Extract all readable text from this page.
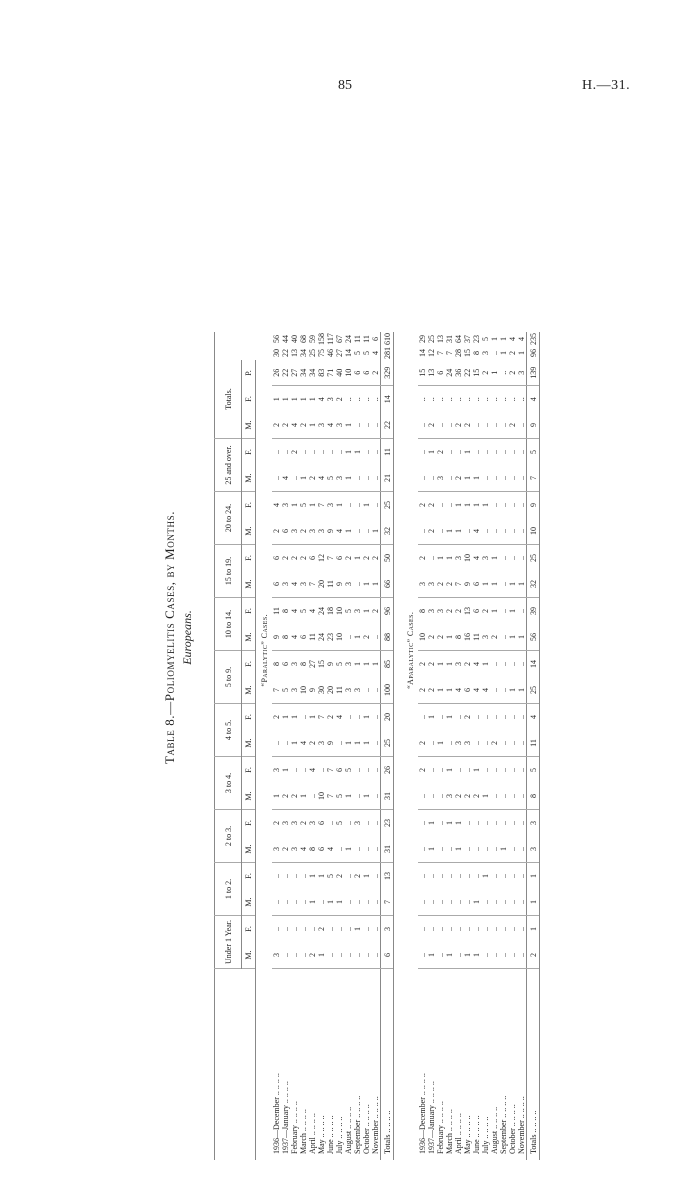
85	H.—31.
Table 8.—Poliomyelitis Cases, by Months. Europeans.
	Under 1 Year.		1 to 2.		2 to 3.		3 to 4.		4 to 5.		5 to 9.		10 to 14.		15 to 19.		20 to 24.		25 and over.		Totals.				
	M.	F.	M.	F.	M.	F.	M.	F.	M.	F.	M.	F.	M.	F.	M.	F.	M.	F.	M.	F.	M.	F.	P.		
	“Paralytic” Cases.																								
1936—December .. .. .. ..	3	..	..	..	3	2	1	3	..	2	7	8	9	11	6	6	2	4	..	..	2	1	26	30	56
1937—January .. .. .. ..	..	..	..	..	2	3	2	1	..	1	5	6	8	8	3	2	6	3	4	..	2	1	22	22	44
February .. .. .. ..	..	..	..	..	3	3	2	..	1	1	3	3	4	4	4	2	3	1	..	2	4	1	27	13	40
March .. .. .. ..	..	..	..	..	4	2	1	..	4	..	10	8	6	5	3	2	2	5	1	..	2	1	34	34	68
April .. .. .. ..	2	..	1	1	8	3	..	4	2	1	9	27	11	4	7	6	3	1	2	..	1	1	34	25	59
May .. .. .. ..	1	2	..	1	6	6	10	..	3	7	30	15	24	24	20	12	3	7	4	..	3	4	83	75	158
June .. .. .. ..	..	..	1	5	4	..	7	7	9	2	20	9	23	18	11	7	9	3	5	..	4	3	71	46	117
July .. .. .. ..	..	..	1	2	..	5	5	6	..	4	11	5	10	10	9	6	4	1	3	..	3	2	40	27	67
August .. .. .. ..	..	..	..	..	1	..	1	5	1	..	3	3	..	5	3	2	1	..	1	1	1	..	10	14	24
September .. .. .. ..	..	1	..	2	..	3	..	..	1	..	3	1	1	3	..	1	..	..	..	1	..	..	6	5	11
October .. .. .. ..	..	..	..	1	..	..	1	..	1	1	..	1	2	1	1	2	..	1	..	..	..	..	6	5	11
November .. .. .. ..	..	..	..	..	..	..	..	..	..	..	..	1	..	2	1	2	1	..	..	..	..	..	2	4	6
Totals .. .. .. ..	6	3	7	13	31	23	31	26	25	20	100	85	88	96	66	50	32	25	21	11	22	14	329	281	610

	“Aparalytic” Cases.																								
1936—December .. .. .. ..	..	..	..	..	..	..	..	2	2	..	2	2	10	8	3	2	..	2	..	..	..	..	15	14	29
1937—January .. .. .. ..	1	..	..	..	1	1	..	..	..	1	2	2	2	3	3	..	2	2	..	1	2	..	13	12	25
February .. .. .. ..	..	..	..	..	..	..	..	..	1	..	1	1	2	3	2	1	..	..	3	2	..	..	6	7	13
March .. .. .. ..	1	..	..	..	..	1	3	1	..	1	1	1	1	2	2	1	1	..	..	..	..	..	24	7	31
April .. .. .. ..	..	..	..	..	1	1	2	..	3	..	4	3	8	2	7	3	1	1	2	..	2	..	36	28	64
May .. .. .. ..	1	..	..	..	..	..	2	..	3	2	6	2	16	13	9	10	..	1	1	1	2	..	22	15	37
June .. .. .. ..	1	..	1	..	..	..	2	1	..	..	4	4	11	6	6	4	4	1	1	..	..	..	15	8	23
July .. .. .. ..	..	..	..	1	..	..	1	..	..	..	4	1	3	2	1	3	..	1	..	..	..	..	2	3	5
August .. .. .. ..	..	..	..	..	..	..	..	..	2	..	..	..	2	1	1	1	..	..	..	..	..	..	1	..	1
September .. .. .. ..	..	..	..	..	1	..	..	..	..	..	..	..	..	..	..	..	..	..	..	..	..	..	..	1	1
October .. .. .. ..	..	..	..	..	..	..	..	..	..	..	1	..	1	1	1	..	..	..	..	..	2	..	2	2	4
November .. .. .. ..	..	..	..	..	..	..	..	..	..	..	1	..	1	..	1	..	..	..	..	..	..	..	3	1	4
Totals .. .. .. ..	2	1	1	1	3	3	8	5	11	4	25	14	56	39	32	25	10	9	7	5	9	4	139	96	235
